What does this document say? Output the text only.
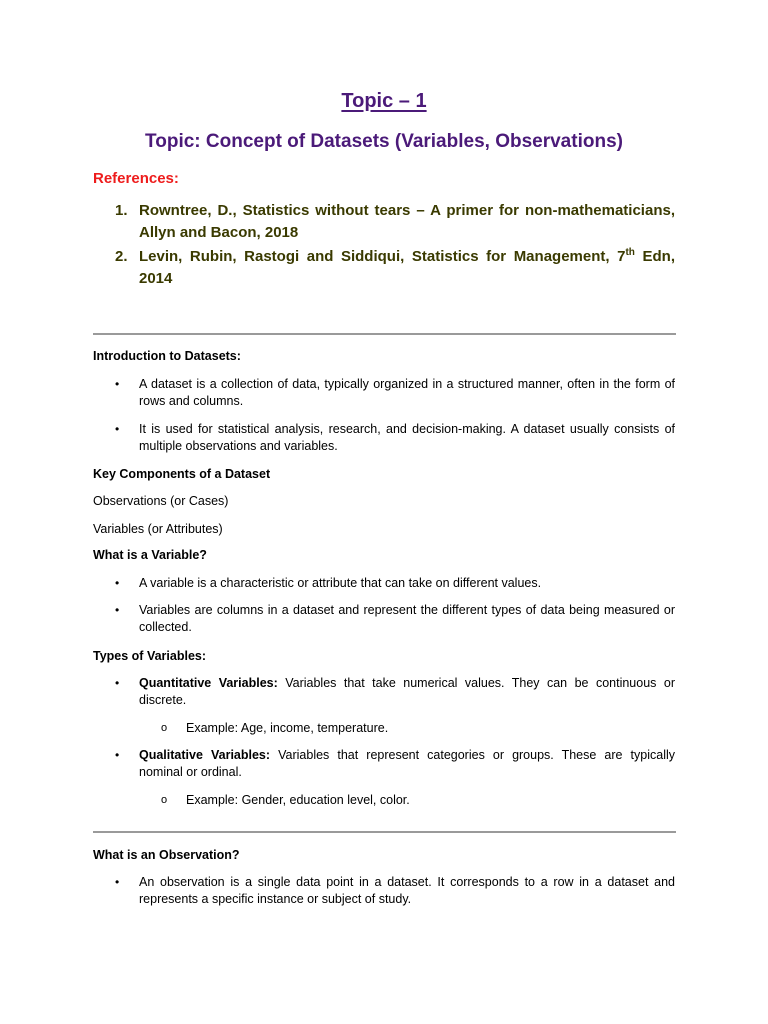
Topic – 1
Topic: Concept of Datasets (Variables, Observations)
References:
1. Rowntree, D., Statistics without tears – A primer for non-mathematicians, Allyn and Bacon, 2018
2. Levin, Rubin, Rastogi and Siddiqui, Statistics for Management, 7th Edn, 2014
Introduction to Datasets:
• A dataset is a collection of data, typically organized in a structured manner, often in the form of rows and columns.
• It is used for statistical analysis, research, and decision-making. A dataset usually consists of multiple observations and variables.
Key Components of a Dataset
Observations (or Cases)
Variables (or Attributes)
What is a Variable?
• A variable is a characteristic or attribute that can take on different values.
• Variables are columns in a dataset and represent the different types of data being measured or collected.
Types of Variables:
• Quantitative Variables: Variables that take numerical values. They can be continuous or discrete.
o Example: Age, income, temperature.
• Qualitative Variables: Variables that represent categories or groups. These are typically nominal or ordinal.
o Example: Gender, education level, color.
What is an Observation?
• An observation is a single data point in a dataset. It corresponds to a row in a dataset and represents a specific instance or subject of study.
